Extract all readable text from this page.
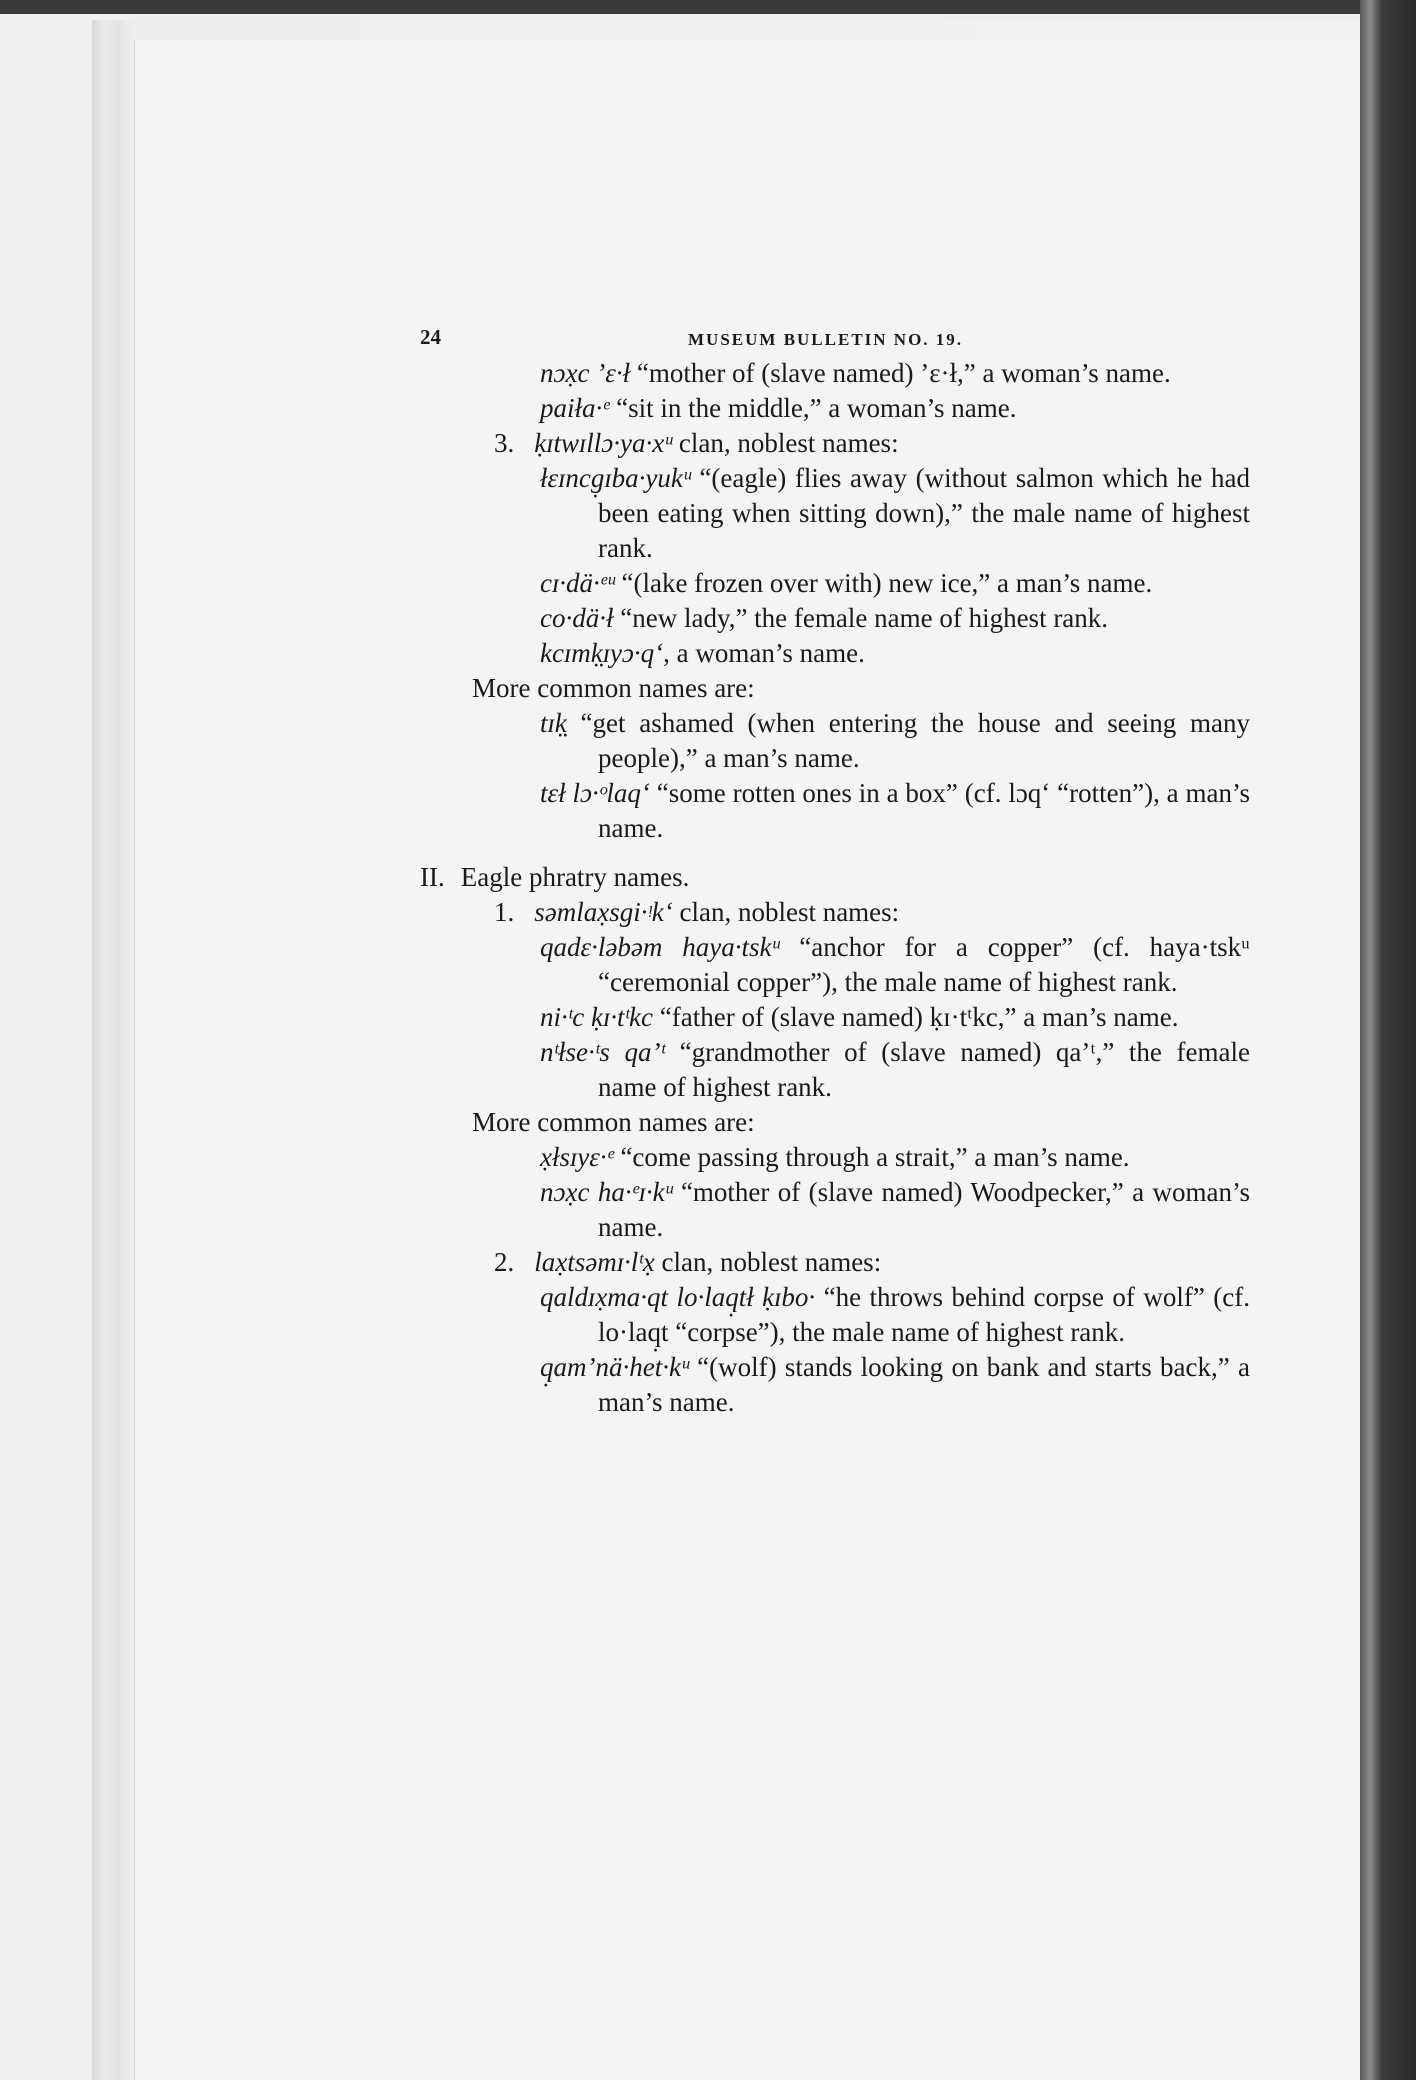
24	MUSEUM BULLETIN NO. 19.

nɔx̣c ’ɛ·ł “mother of (slave named) ’ɛ·ł,” a woman’s name.

paiła·ᵉ “sit in the middle,” a woman’s name.

3. ḳɪtwɪllɔ·ya·xᵘ clan, noblest names:

łɛɪncg̣ɪba·yukᵘ “(eagle) flies away (without salmon which he had been eating when sitting down),” the male name of highest rank.

cɪ·dä·ᵉᵘ “(lake frozen over with) new ice,” a man’s name.

co·dä·ł “new lady,” the female name of highest rank.

kcɪmḳ̣ɪyɔ·q‘, a woman’s name.

More common names are:

tɪḳ̣ “get ashamed (when entering the house and seeing many people),” a man’s name.

tɛł lɔ·ᵒlaq‘ “some rotten ones in a box” (cf. lɔq‘ “rotten”), a man’s name.

II. Eagle phratry names.

1. səmlax̣sgi·ᵎk‘ clan, noblest names:

qadɛ·ləbəm haya·tskᵘ “anchor for a copper” (cf. haya·tskᵘ “ceremonial copper”), the male name of highest rank.

ni·ᵗc ḳɪ·tᵗkc “father of (slave named) ḳɪ·tᵗkc,” a man’s name.

nᵗłse·ᵗs qa’ᵗ “grandmother of (slave named) qa’ᵗ,” the female name of highest rank.

More common names are:

x̣łsɪyɛ·ᵉ “come passing through a strait,” a man’s name.

nɔx̣c ha·ᵉɪ·kᵘ “mother of (slave named) Woodpecker,” a woman’s name.

2. lax̣tsəmɪ·lᵗx̣ clan, noblest names:

qaldɪx̣ma·qt lo·laq̣tł ḳɪbo· “he throws behind corpse of wolf” (cf. lo·laq̣t “corpse”), the male name of highest rank.

q̣am’nä·het·kᵘ “(wolf) stands looking on bank and starts back,” a man’s name.
